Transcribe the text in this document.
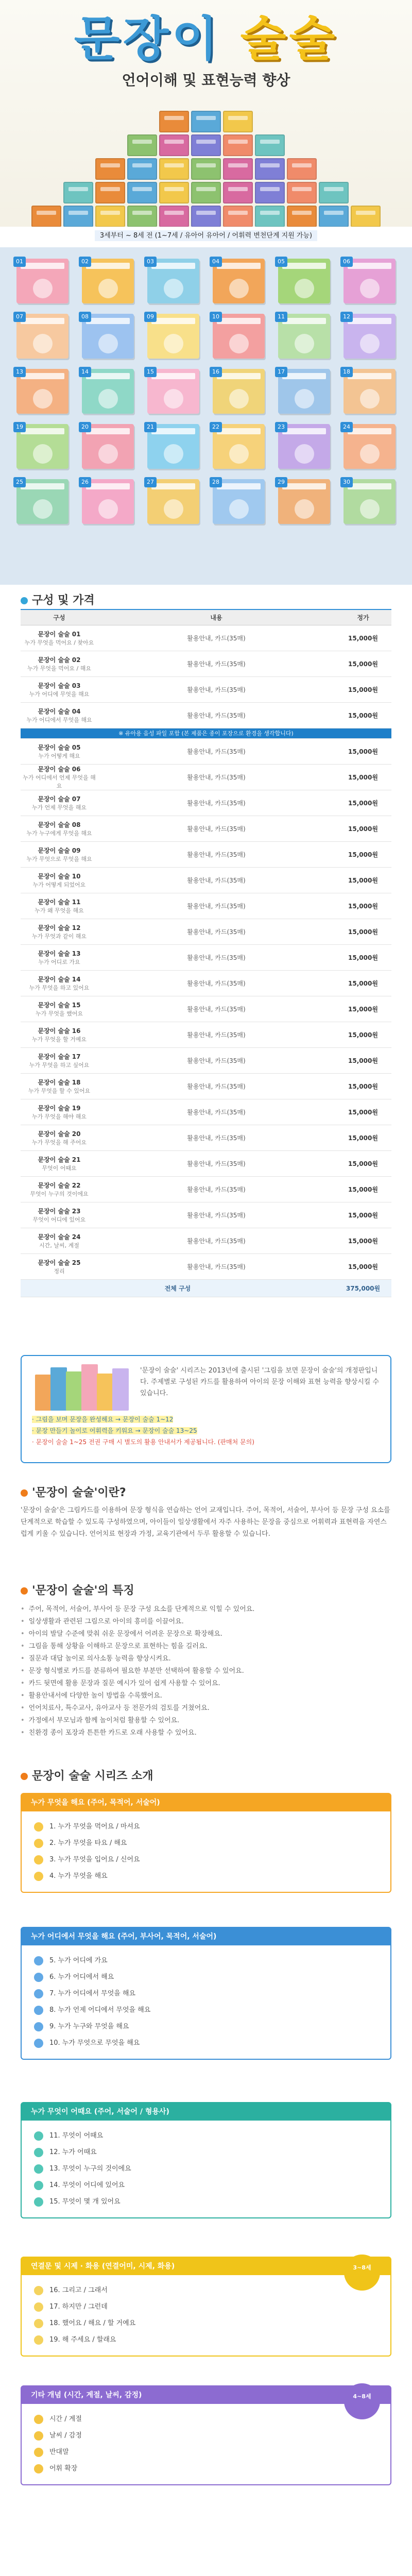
문장이 술술
언어이해 및 표현능력 향상
3세부터 ~ 8세 전 (1~7세 / 유아어 유아어 / 어휘력 변천단계 지원 가능)
01	02	03	04	05	06
07	08	09	10	11	12
13	14	15	16	17	18
19	20	21	22	23	24
25	26	27	28	29	30
구성 및 가격
구성	내용	정가

문장이 술술 01
누가 무엇을 먹어요 / 찾아요	활용안내, 카드(35매)	15,000원

문장이 술술 02
누가 무엇을 먹어요 / 해요	활용안내, 카드(35매)	15,000원

문장이 술술 03
누가 어디에 무엇을 해요	활용안내, 카드(35매)	15,000원

문장이 술술 04
누가 어디에서 무엇을 해요	활용안내, 카드(35매)	15,000원
※ 유아용 음성 파일 포함 (본 제품은 종이 포장으로 환경을 생각합니다)		

문장이 술술 05
누가 어떻게 해요	활용안내, 카드(35매)	15,000원

문장이 술술 06
누가 어디에서 언제 무엇을 해요	활용안내, 카드(35매)	15,000원

문장이 술술 07
누가 언제 무엇을 해요	활용안내, 카드(35매)	15,000원

문장이 술술 08
누가 누구에게 무엇을 해요	활용안내, 카드(35매)	15,000원

문장이 술술 09
누가 무엇으로 무엇을 해요	활용안내, 카드(35매)	15,000원

문장이 술술 10
누가 어떻게 되었어요	활용안내, 카드(35매)	15,000원

문장이 술술 11
누가 왜 무엇을 해요	활용안내, 카드(35매)	15,000원

문장이 술술 12
누가 무엇과 같이 해요	활용안내, 카드(35매)	15,000원

문장이 술술 13
누가 어디로 가요	활용안내, 카드(35매)	15,000원

문장이 술술 14
누가 무엇을 하고 있어요	활용안내, 카드(35매)	15,000원

문장이 술술 15
누가 무엇을 했어요	활용안내, 카드(35매)	15,000원

문장이 술술 16
누가 무엇을 할 거예요	활용안내, 카드(35매)	15,000원

문장이 술술 17
누가 무엇을 하고 싶어요	활용안내, 카드(35매)	15,000원

문장이 술술 18
누가 무엇을 할 수 있어요	활용안내, 카드(35매)	15,000원

문장이 술술 19
누가 무엇을 해야 해요	활용안내, 카드(35매)	15,000원

문장이 술술 20
누가 무엇을 해 주어요	활용안내, 카드(35매)	15,000원

문장이 술술 21
무엇이 어때요	활용안내, 카드(35매)	15,000원

문장이 술술 22
무엇이 누구의 것이에요	활용안내, 카드(35매)	15,000원

문장이 술술 23
무엇이 어디에 있어요	활용안내, 카드(35매)	15,000원

문장이 술술 24
시간, 날씨, 계절	활용안내, 카드(35매)	15,000원

문장이 술술 25
정리	활용안내, 카드(35매)	15,000원
전체 구성		375,000원
'문장이 술술' 시리즈는 2013년에 출시된 '그림을 보면 문장이 술술'의 개정판입니다. 주제별로 구성된 카드를 활용하여 아이의 문장 이해와 표현 능력을 향상시킬 수 있습니다.
· 그림을 보며 문장을 완성해요 → 문장이 술술 1~12
· 문장 만들기 놀이로 어휘력을 키워요 → 문장이 술술 13~25
· 문장이 술술 1~25 전권 구매 시 별도의 활용 안내서가 제공됩니다. (판매처 문의)
'문장이 술술'이란?
'문장이 술술'은 그림카드를 이용하여 문장 형식을 연습하는 언어 교재입니다. 주어, 목적어, 서술어, 부사어 등 문장 구성 요소를 단계적으로 학습할 수 있도록 구성하였으며, 아이들이 일상생활에서 자주 사용하는 문장을 중심으로 어휘력과 표현력을 자연스럽게 키울 수 있습니다. 언어치료 현장과 가정, 교육기관에서 두루 활용할 수 있습니다.
'문장이 술술'의 특징
• 주어, 목적어, 서술어, 부사어 등 문장 구성 요소를 단계적으로 익힐 수 있어요.
• 일상생활과 관련된 그림으로 아이의 흥미를 이끌어요.
• 아이의 발달 수준에 맞춰 쉬운 문장에서 어려운 문장으로 확장해요.
• 그림을 통해 상황을 이해하고 문장으로 표현하는 힘을 길러요.
• 질문과 대답 놀이로 의사소통 능력을 향상시켜요.
• 문장 형식별로 카드를 분류하여 필요한 부분만 선택하여 활용할 수 있어요.
• 카드 뒷면에 활용 문장과 질문 예시가 있어 쉽게 사용할 수 있어요.
• 활용안내서에 다양한 놀이 방법을 수록했어요.
• 언어치료사, 특수교사, 유아교사 등 전문가의 검토를 거쳤어요.
• 가정에서 부모님과 함께 놀이처럼 활용할 수 있어요.
• 친환경 종이 포장과 튼튼한 카드로 오래 사용할 수 있어요.
문장이 술술 시리즈 소개
누가 무엇을 해요 (주어, 목적어, 서술어)
1. 누가 무엇을 먹어요 / 마셔요
2. 누가 무엇을 타요 / 해요
3. 누가 무엇을 입어요 / 신어요
4. 누가 무엇을 해요
누가 어디에서 무엇을 해요 (주어, 부사어, 목적어, 서술어)
5. 누가 어디에 가요
6. 누가 어디에서 해요
7. 누가 어디에서 무엇을 해요
8. 누가 언제 어디에서 무엇을 해요
9. 누가 누구와 무엇을 해요
10. 누가 무엇으로 무엇을 해요
누가 무엇이 어때요 (주어, 서술어 / 형용사)
11. 무엇이 어때요
12. 누가 어때요
13. 무엇이 누구의 것이에요
14. 무엇이 어디에 있어요
15. 무엇이 몇 개 있어요
연결문 및 시제 · 화용 (연결어미, 시제, 화용)
16. 그리고 / 그래서
17. 하지만 / 그런데
18. 했어요 / 해요 / 할 거예요
19. 해 주세요 / 할래요
3~8세
기타 개념 (시간, 계절, 날씨, 감정)
시간 / 계절
날씨 / 감정
반대말
어휘 확장
4~8세
